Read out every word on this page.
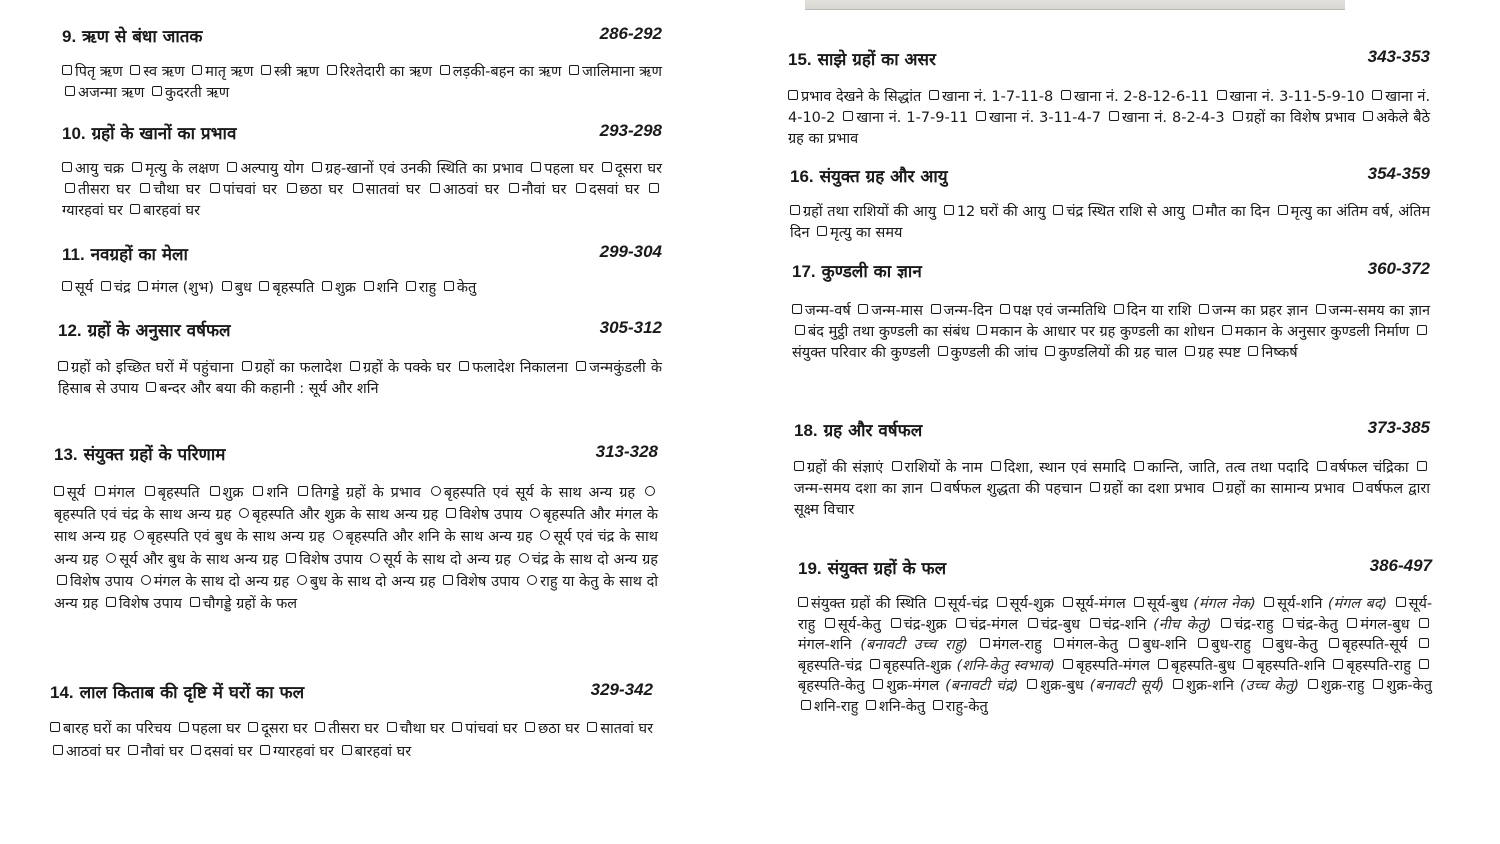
9. ऋण से बंधा जातक	286-292
पितृ ऋण स्व ऋण मातृ ऋण स्त्री ऋण रिश्तेदारी का ऋण लड़की-बहन का ऋण जालिमाना ऋण अजन्मा ऋण कुदरती ऋण
10. ग्रहों के खानों का प्रभाव	293-298
आयु चक्र मृत्यु के लक्षण अल्पायु योग ग्रह-खानों एवं उनकी स्थिति का प्रभाव पहला घर दूसरा घर तीसरा घर चौथा घर पांचवां घर छठा घर सातवां घर आठवां घर नौवां घर दसवां घर ग्यारहवां घर बारहवां घर
11. नवग्रहों का मेला	299-304
सूर्य चंद्र मंगल (शुभ) बुध बृहस्पति शुक्र शनि राहु केतु
12. ग्रहों के अनुसार वर्षफल	305-312
ग्रहों को इच्छित घरों में पहुंचाना ग्रहों का फलादेश ग्रहों के पक्के घर फलादेश निकालना जन्मकुंडली के हिसाब से उपाय बन्दर और बया की कहानी : सूर्य और शनि
13. संयुक्त ग्रहों के परिणाम	313-328
सूर्य मंगल बृहस्पति शुक्र शनि तिगड्डे ग्रहों के प्रभाव बृहस्पति एवं सूर्य के साथ अन्य ग्रह बृहस्पति एवं चंद्र के साथ अन्य ग्रह बृहस्पति और शुक्र के साथ अन्य ग्रह विशेष उपाय बृहस्पति और मंगल के साथ अन्य ग्रह बृहस्पति एवं बुध के साथ अन्य ग्रह बृहस्पति और शनि के साथ अन्य ग्रह सूर्य एवं चंद्र के साथ अन्य ग्रह सूर्य और बुध के साथ अन्य ग्रह विशेष उपाय सूर्य के साथ दो अन्य ग्रह चंद्र के साथ दो अन्य ग्रह विशेष उपाय मंगल के साथ दो अन्य ग्रह बुध के साथ दो अन्य ग्रह विशेष उपाय राहु या केतु के साथ दो अन्य ग्रह विशेष उपाय चौगड्डे ग्रहों के फल
14. लाल किताब की दृष्टि में घरों का फल	329-342
बारह घरों का परिचय पहला घर दूसरा घर तीसरा घर चौथा घर पांचवां घर छठा घर सातवां घर आठवां घर नौवां घर दसवां घर ग्यारहवां घर बारहवां घर
15. साझे ग्रहों का असर	343-353
प्रभाव देखने के सिद्धांत खाना नं. 1-7-11-8 खाना नं. 2-8-12-6-11 खाना नं. 3-11-5-9-10 खाना नं. 4-10-2 खाना नं. 1-7-9-11 खाना नं. 3-11-4-7 खाना नं. 8-2-4-3 ग्रहों का विशेष प्रभाव अकेले बैठे ग्रह का प्रभाव
16. संयुक्त ग्रह और आयु	354-359
ग्रहों तथा राशियों की आयु 12 घरों की आयु चंद्र स्थित राशि से आयु मौत का दिन मृत्यु का अंतिम वर्ष, अंतिम दिन मृत्यु का समय
17. कुण्डली का ज्ञान	360-372
जन्म-वर्ष जन्म-मास जन्म-दिन पक्ष एवं जन्मतिथि दिन या राशि जन्म का प्रहर ज्ञान जन्म-समय का ज्ञान बंद मुट्ठी तथा कुण्डली का संबंध मकान के आधार पर ग्रह कुण्डली का शोधन मकान के अनुसार कुण्डली निर्माण संयुक्त परिवार की कुण्डली कुण्डली की जांच कुण्डलियों की ग्रह चाल ग्रह स्पष्ट निष्कर्ष
18. ग्रह और वर्षफल	373-385
ग्रहों की संज्ञाएं राशियों के नाम दिशा, स्थान एवं समादि कान्ति, जाति, तत्व तथा पदादि वर्षफल चंद्रिका जन्म-समय दशा का ज्ञान वर्षफल शुद्धता की पहचान ग्रहों का दशा प्रभाव ग्रहों का सामान्य प्रभाव वर्षफल द्वारा सूक्ष्म विचार
19. संयुक्त ग्रहों के फल	386-497
संयुक्त ग्रहों की स्थिति सूर्य-चंद्र सूर्य-शुक्र सूर्य-मंगल सूर्य-बुध (मंगल नेक) सूर्य-शनि (मंगल बद) सूर्य-राहु सूर्य-केतु चंद्र-शुक्र चंद्र-मंगल चंद्र-बुध चंद्र-शनि (नीच केतु) चंद्र-राहु चंद्र-केतु मंगल-बुध मंगल-शनि (बनावटी उच्च राहु) मंगल-राहु मंगल-केतु बुध-शनि बुध-राहु बुध-केतु बृहस्पति-सूर्य बृहस्पति-चंद्र बृहस्पति-शुक्र (शनि-केतु स्वभाव) बृहस्पति-मंगल बृहस्पति-बुध बृहस्पति-शनि बृहस्पति-राहु बृहस्पति-केतु शुक्र-मंगल (बनावटी चंद्र) शुक्र-बुध (बनावटी सूर्य) शुक्र-शनि (उच्च केतु) शुक्र-राहु शुक्र-केतु शनि-राहु शनि-केतु राहु-केतु
